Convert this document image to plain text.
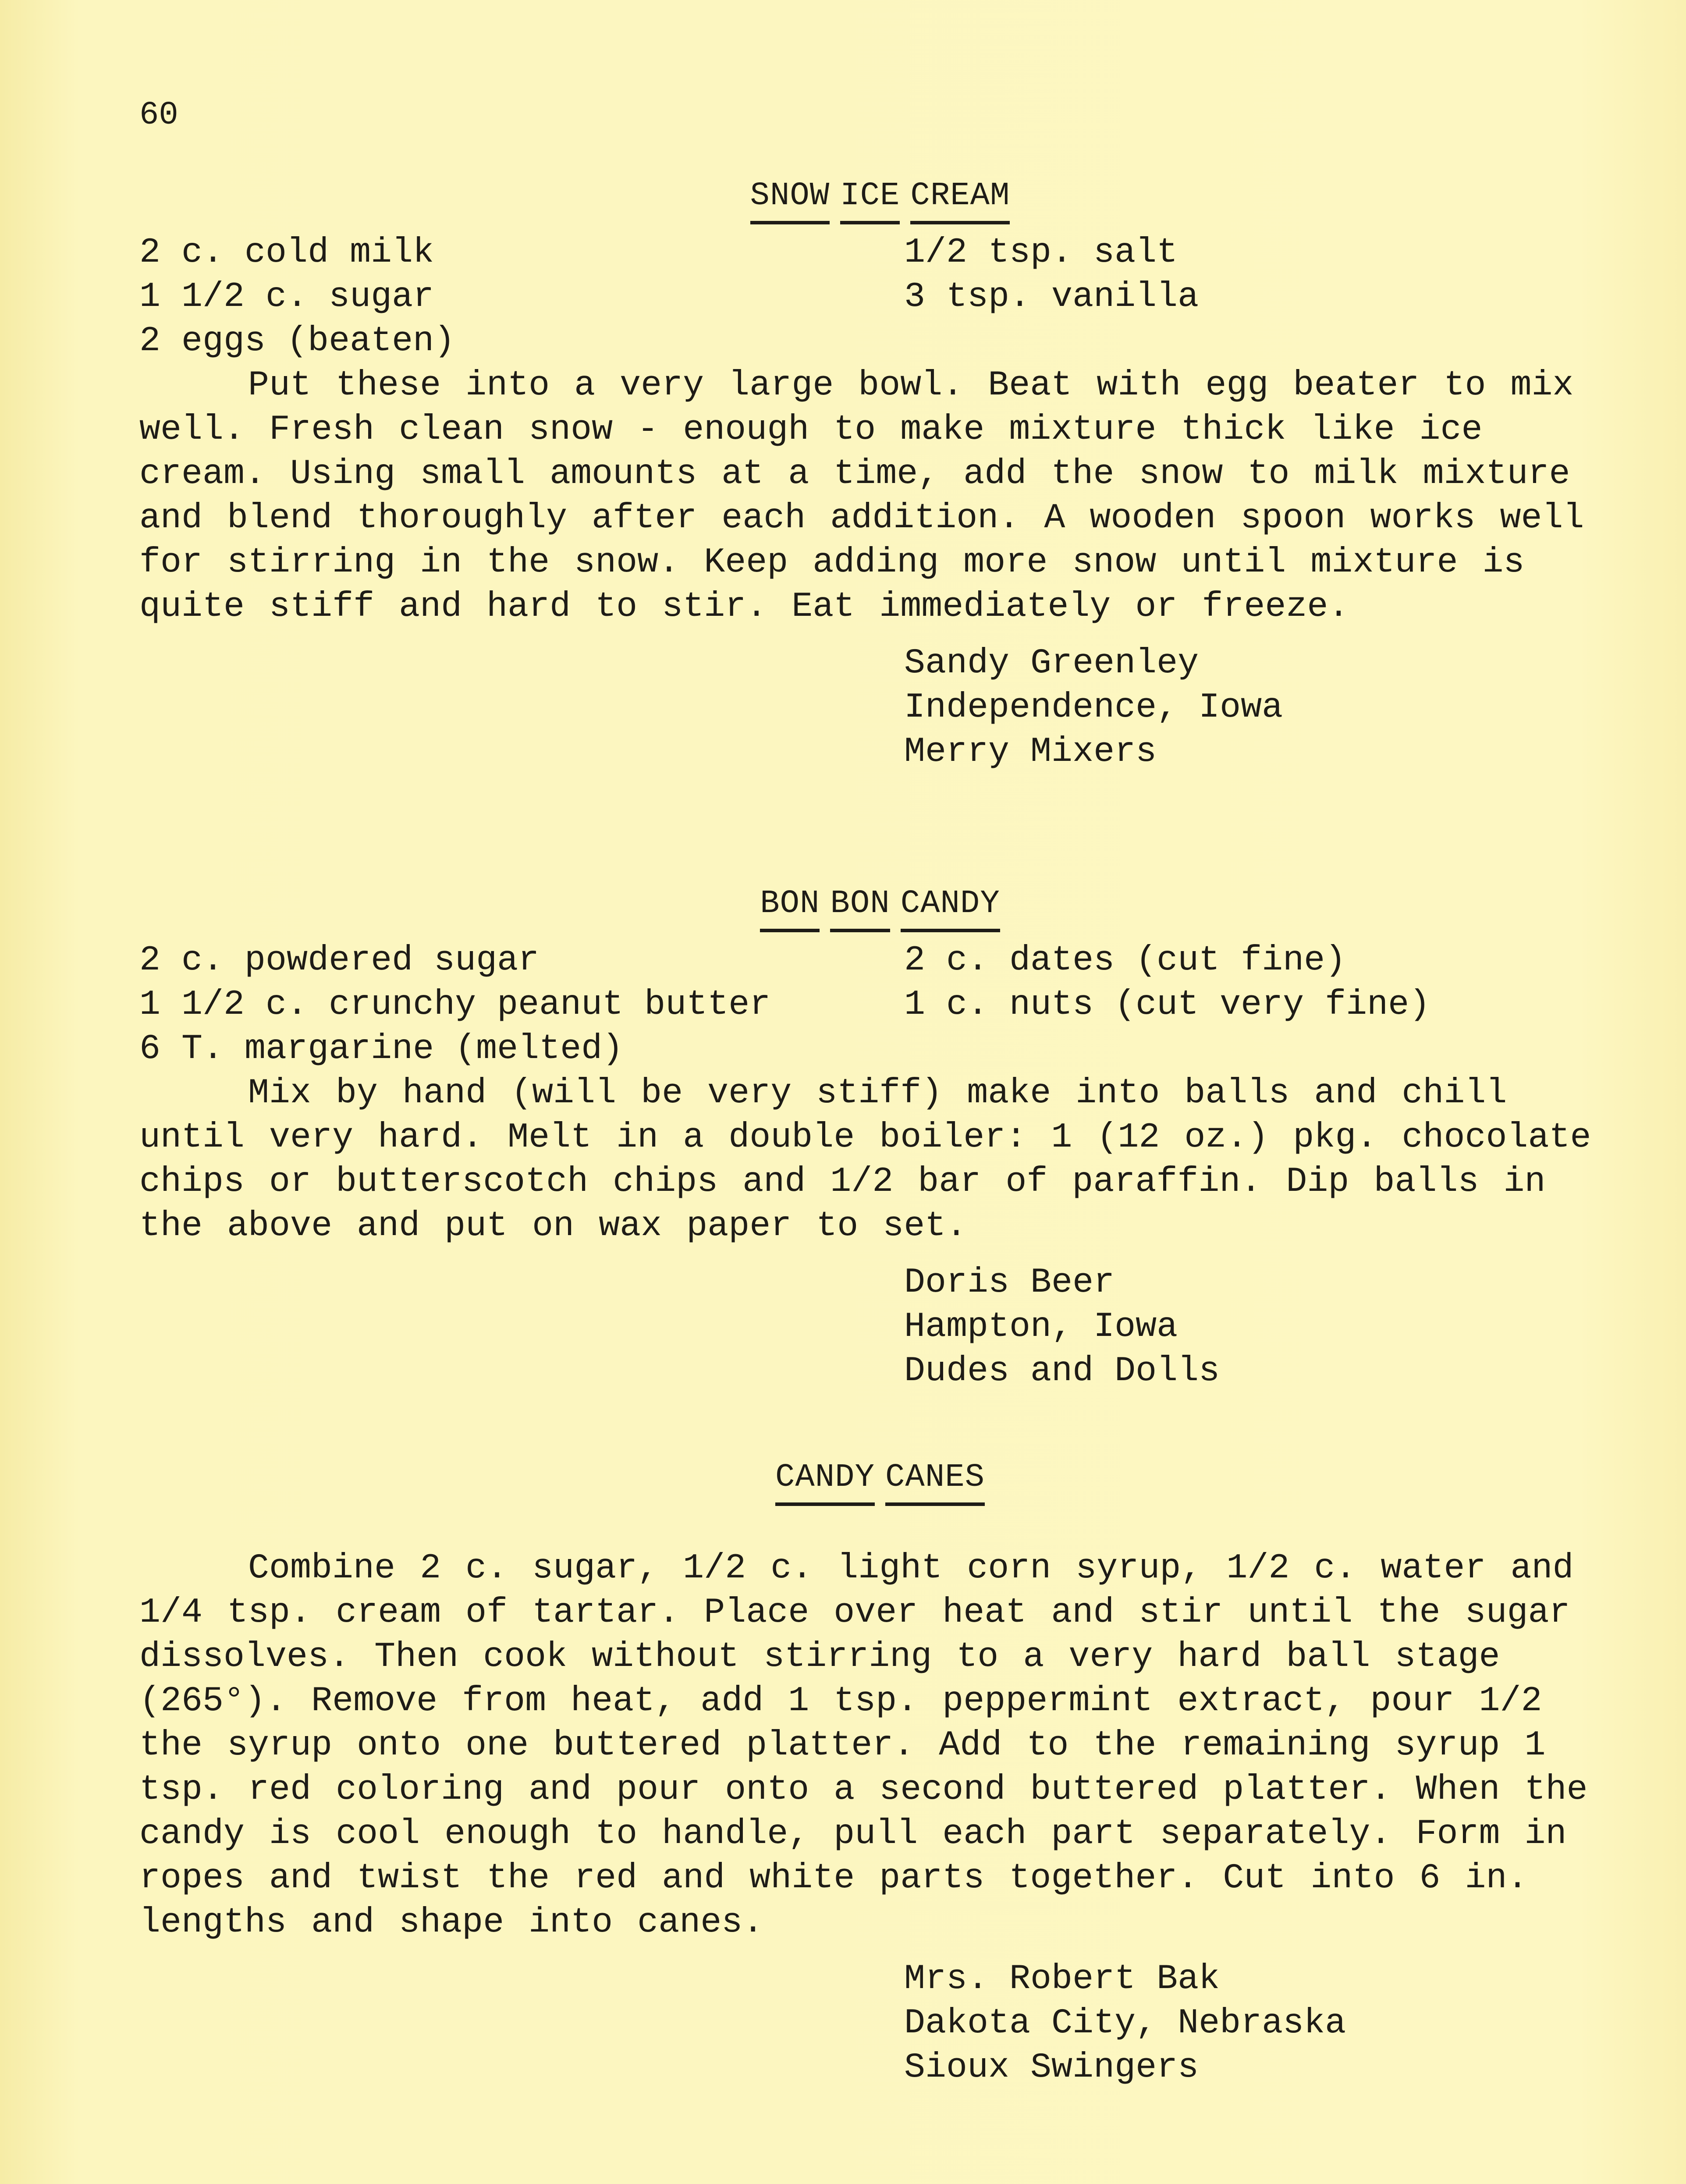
60
SNOW ICE CREAM
2 c. cold milk
1 1/2 c. sugar
2 eggs (beaten)
1/2 tsp. salt
3 tsp. vanilla
Put these into a very large bowl. Beat with egg beater to mix well. Fresh clean snow - enough to make mixture thick like ice cream. Using small amounts at a time, add the snow to milk mixture and blend thoroughly after each addition. A wooden spoon works well for stirring in the snow. Keep adding more snow until mixture is quite stiff and hard to stir. Eat immediately or freeze.
Sandy Greenley
Independence, Iowa
Merry Mixers
BON BON CANDY
2 c. powdered sugar
1 1/2 c. crunchy peanut butter
6 T. margarine (melted)
2 c. dates (cut fine)
1 c. nuts (cut very fine)
Mix by hand (will be very stiff) make into balls and chill until very hard. Melt in a double boiler: 1 (12 oz.) pkg. chocolate chips or butterscotch chips and 1/2 bar of paraffin. Dip balls in the above and put on wax paper to set.
Doris Beer
Hampton, Iowa
Dudes and Dolls
CANDY CANES
Combine 2 c. sugar, 1/2 c. light corn syrup, 1/2 c. water and 1/4 tsp. cream of tartar. Place over heat and stir until the sugar dissolves. Then cook without stirring to a very hard ball stage (265°). Remove from heat, add 1 tsp. peppermint extract, pour 1/2 the syrup onto one buttered platter. Add to the remaining syrup 1 tsp. red coloring and pour onto a second buttered platter. When the candy is cool enough to handle, pull each part separately. Form in ropes and twist the red and white parts together. Cut into 6 in. lengths and shape into canes.
Mrs. Robert Bak
Dakota City, Nebraska
Sioux Swingers
